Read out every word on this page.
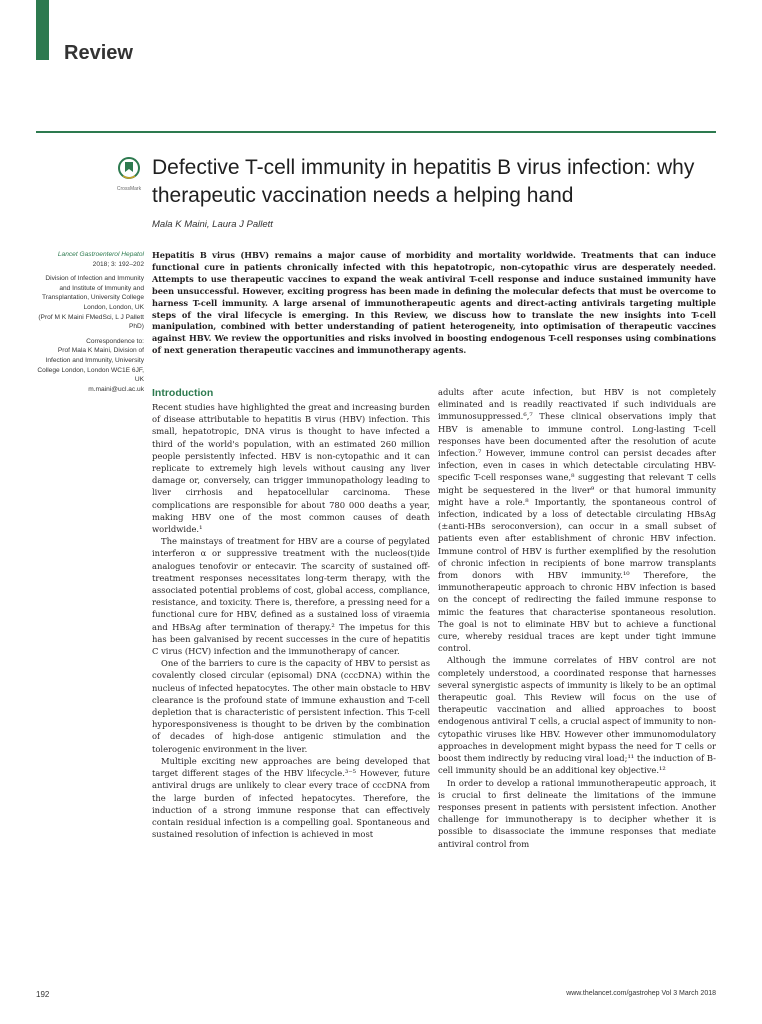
Review
CrossMark
Defective T-cell immunity in hepatitis B virus infection: why therapeutic vaccination needs a helping hand
Mala K Maini, Laura J Pallett

Lancet Gastroenterol Hepatol
2018; 3: 192–202

Division of Infection and Immunity and Institute of Immunity and Transplantation, University College London, London, UK
(Prof M K Maini FMedSci, L J Pallett PhD)

Correspondence to:
Prof Mala K Maini, Division of Infection and Immunity, University College London, London WC1E 6JF, UK
m.maini@ucl.ac.uk

Hepatitis B virus (HBV) remains a major cause of morbidity and mortality worldwide. Treatments that can induce functional cure in patients chronically infected with this hepatotropic, non-cytopathic virus are desperately needed. Attempts to use therapeutic vaccines to expand the weak antiviral T-cell response and induce sustained immunity have been unsuccessful. However, exciting progress has been made in defining the molecular defects that must be overcome to harness T-cell immunity. A large arsenal of immunotherapeutic agents and direct-acting antivirals targeting multiple steps of the viral lifecycle is emerging. In this Review, we discuss how to translate the new insights into T-cell manipulation, combined with better understanding of patient heterogeneity, into optimisation of therapeutic vaccines against HBV. We review the opportunities and risks involved in boosting endogenous T-cell responses using combinations of next generation therapeutic vaccines and immunotherapy agents.

Introduction

Recent studies have highlighted the great and increasing burden of disease attributable to hepatitis B virus (HBV) infection. This small, hepatotropic, DNA virus is thought to have infected a third of the world's population, with an estimated 260 million people persistently infected. HBV is non-cytopathic and it can replicate to extremely high levels without causing any liver damage or, conversely, can trigger immunopathology leading to liver cirrhosis and hepatocellular carcinoma. These complications are responsible for about 780 000 deaths a year, making HBV one of the most common causes of death worldwide.¹

The mainstays of treatment for HBV are a course of pegylated interferon α or suppressive treatment with the nucleos(t)ide analogues tenofovir or entecavir. The scarcity of sustained off-treatment responses necessitates long-term therapy, with the associated potential problems of cost, global access, compliance, resistance, and toxicity. There is, therefore, a pressing need for a functional cure for HBV, defined as a sustained loss of viraemia and HBsAg after termination of therapy.² The impetus for this has been galvanised by recent successes in the cure of hepatitis C virus (HCV) infection and the immunotherapy of cancer.

One of the barriers to cure is the capacity of HBV to persist as covalently closed circular (episomal) DNA (cccDNA) within the nucleus of infected hepatocytes. The other main obstacle to HBV clearance is the profound state of immune exhaustion and T-cell depletion that is characteristic of persistent infection. This T-cell hyporesponsiveness is thought to be driven by the combination of decades of high-dose antigenic stimulation and the tolerogenic environment in the liver.

Multiple exciting new approaches are being developed that target different stages of the HBV lifecycle.³⁻⁵ However, future antiviral drugs are unlikely to clear every trace of cccDNA from the large burden of infected hepatocytes. Therefore, the induction of a strong immune response that can effectively contain residual infection is a compelling goal. Spontaneous and sustained resolution of infection is achieved in most

adults after acute infection, but HBV is not completely eliminated and is readily reactivated if such individuals are immunosuppressed.⁶,⁷ These clinical observations imply that HBV is amenable to immune control. Long-lasting T-cell responses have been documented after the resolution of acute infection.⁷ However, immune control can persist decades after infection, even in cases in which detectable circulating HBV-specific T-cell responses wane,⁸ suggesting that relevant T cells might be sequestered in the liver⁹ or that humoral immunity might have a role.⁸ Importantly, the spontaneous control of infection, indicated by a loss of detectable circulating HBsAg (±anti-HBs seroconversion), can occur in a small subset of patients even after establishment of chronic HBV infection. Immune control of HBV is further exemplified by the resolution of chronic infection in recipients of bone marrow transplants from donors with HBV immunity.¹⁰ Therefore, the immunotherapeutic approach to chronic HBV infection is based on the concept of redirecting the failed immune response to mimic the features that characterise spontaneous resolution. The goal is not to eliminate HBV but to achieve a functional cure, whereby residual traces are kept under tight immune control.

Although the immune correlates of HBV control are not completely understood, a coordinated response that harnesses several synergistic aspects of immunity is likely to be an optimal therapeutic goal. This Review will focus on the use of therapeutic vaccination and allied approaches to boost endogenous antiviral T cells, a crucial aspect of immunity to non-cytopathic viruses like HBV. However other immunomodulatory approaches in development might bypass the need for T cells or boost them indirectly by reducing viral load;¹¹ the induction of B-cell immunity should be an additional key objective.¹²

In order to develop a rational immunotherapeutic approach, it is crucial to first delineate the limitations of the immune responses present in patients with persistent infection. Another challenge for immunotherapy is to decipher whether it is possible to disassociate the immune responses that mediate antiviral control from

192	www.thelancet.com/gastrohep Vol 3 March 2018
